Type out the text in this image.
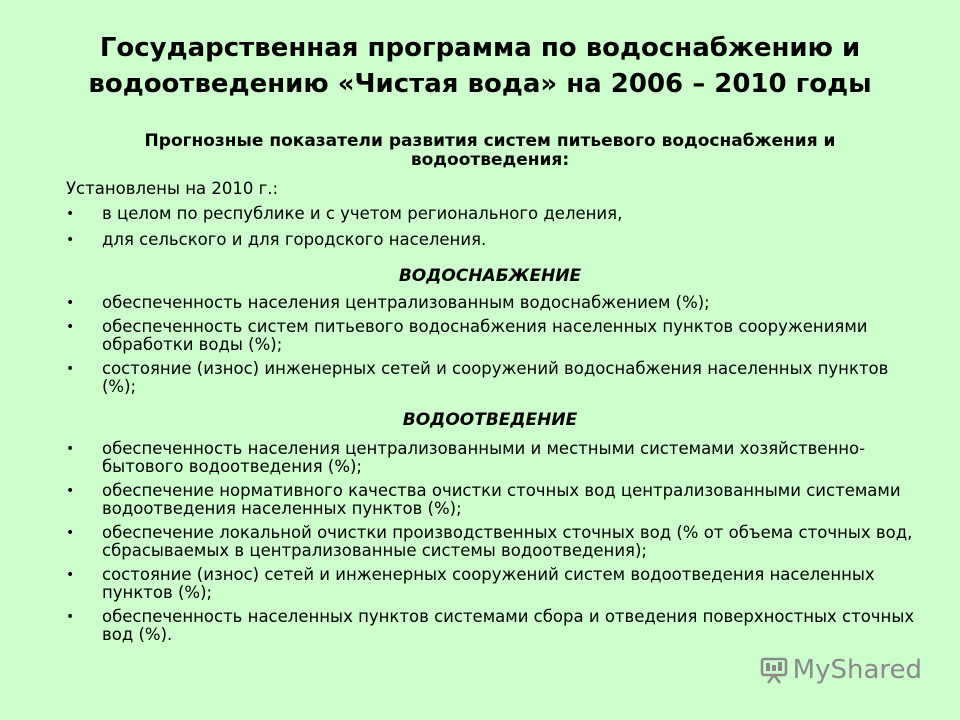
Государственная программа по водоснабжению и водоотведению «Чистая вода» на 2006 – 2010 годы
Прогнозные показатели развития систем питьевого водоснабжения и водоотведения:
Установлены на 2010 г.:
• в целом по республике и с учетом регионального деления,
• для сельского и для городского населения.
ВОДОСНАБЖЕНИЕ
• обеспеченность населения централизованным водоснабжением (%);
• обеспеченность систем питьевого водоснабжения населенных пунктов сооружениями обработки воды (%);
• состояние (износ) инженерных сетей и сооружений водоснабжения населенных пунктов (%);
ВОДООТВЕДЕНИЕ
• обеспеченность населения централизованными и местными системами хозяйственно-бытового водоотведения (%);
• обеспечение нормативного качества очистки сточных вод централизованными системами водоотведения населенных пунктов (%);
• обеспечение локальной очистки производственных сточных вод (% от объема сточных вод, сбрасываемых в централизованные системы водоотведения);
• состояние (износ) сетей и инженерных сооружений систем водоотведения населенных пунктов (%);
• обеспеченность населенных пунктов системами сбора и отведения поверхностных сточных вод (%).
MyShared
